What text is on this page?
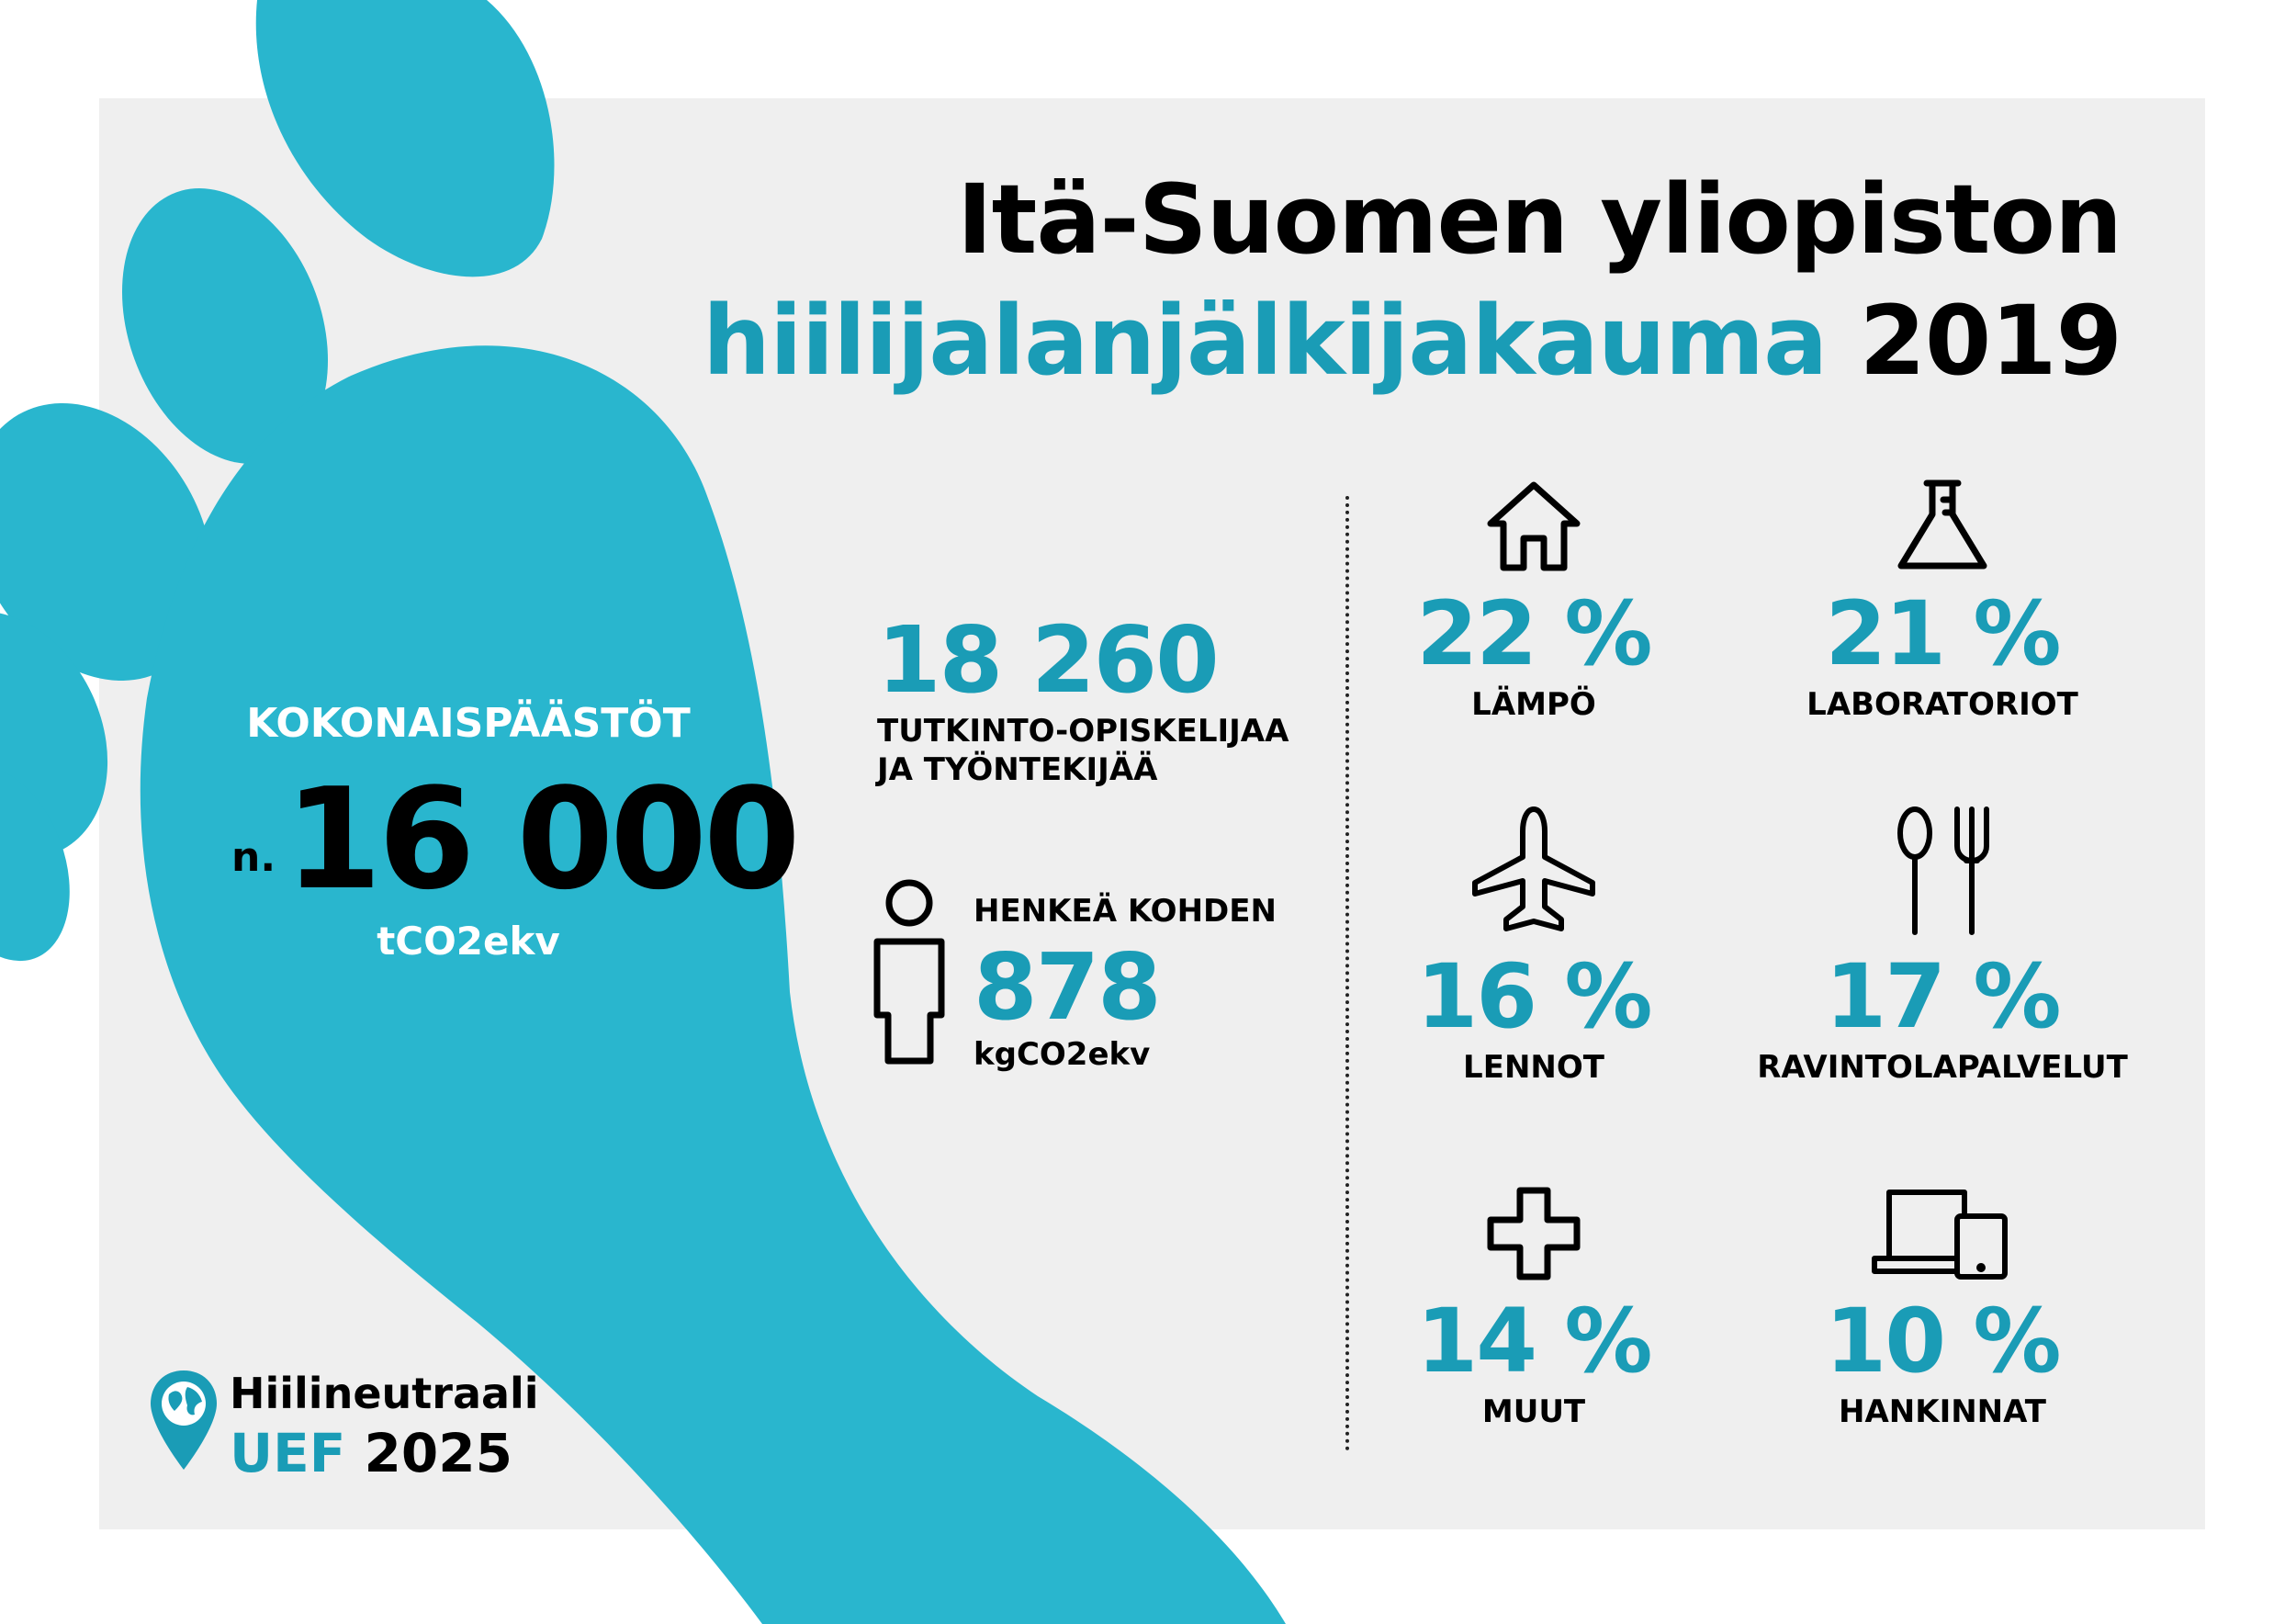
Itä-Suomen yliopiston
hiilijalanjälkijakauma 2019
KOKONAISPÄÄSTÖT
n. 16 000
tCO2ekv
18 260
TUTKINTO-OPISKELIJAA
JA TYÖNTEKIJÄÄ
HENKEÄ KOHDEN
878
kgCO2ekv
22 %
LÄMPÖ
21 %
LABORATORIOT
16 %
LENNOT
17 %
RAVINTOLAPALVELUT
14 %
MUUT
10 %
HANKINNAT
Hiilineutraali
UEF 2025
